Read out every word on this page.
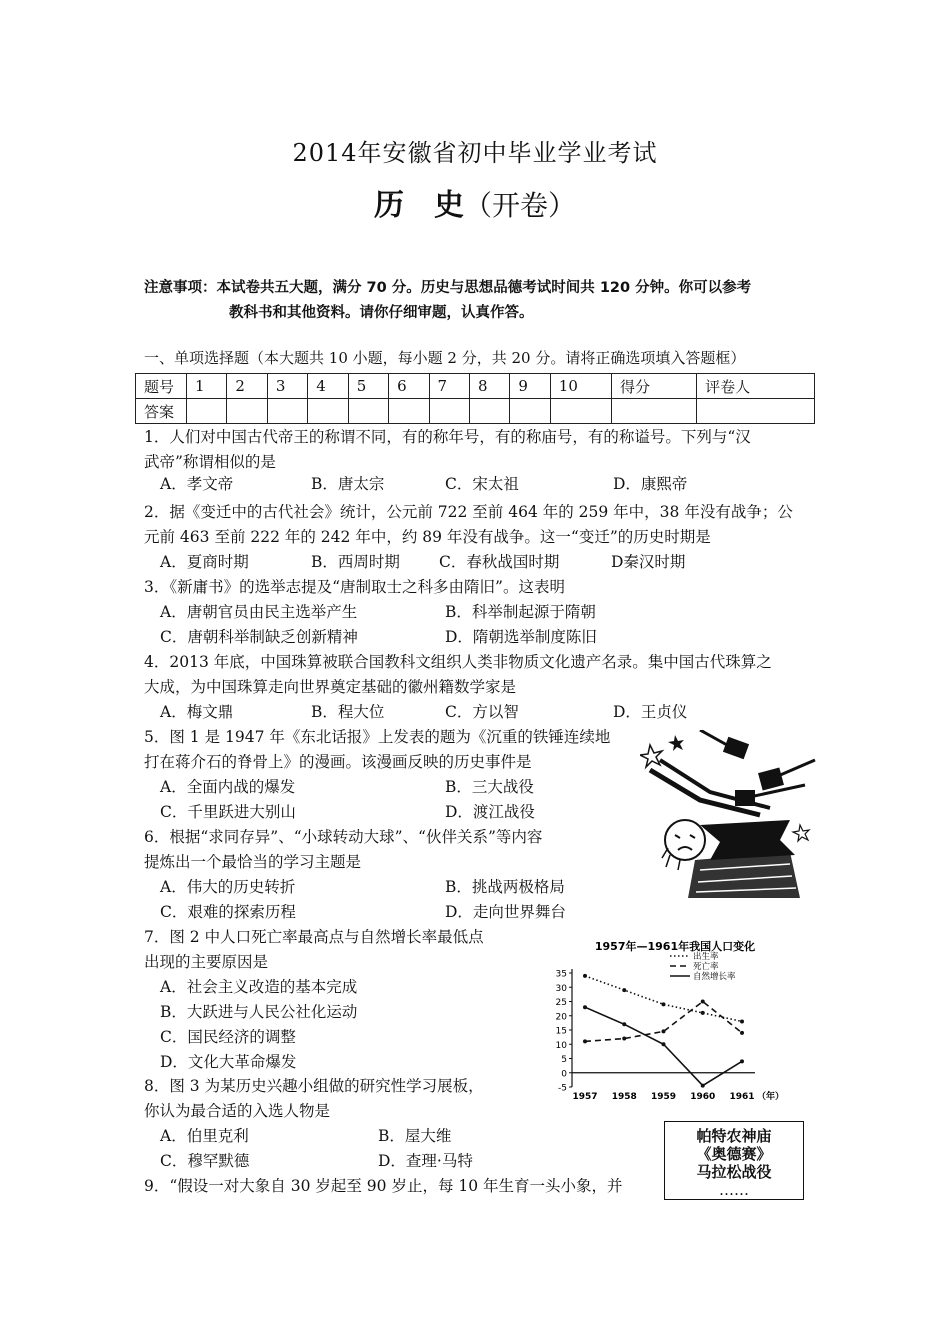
2014年安徽省初中毕业学业考试
历　史（开卷）
注意事项：本试卷共五大题，满分 70 分。历史与思想品德考试时间共 120 分钟。你可以参考
教科书和其他资料。请你仔细审题，认真作答。
一、单项选择题（本大题共 10 小题，每小题 2 分，共 20 分。请将正确选项填入答题框）
题号	1	2	3	4	5	6	7	8	9	10	得分	评卷人
答案												
1．人们对中国古代帝王的称谓不同，有的称年号，有的称庙号，有的称谥号。下列与“汉
武帝”称谓相似的是
A．孝文帝	B．唐太宗	C．宋太祖	D．康熙帝
2．据《变迁中的古代社会》统计，公元前 722 至前 464 年的 259 年中，38 年没有战争；公
元前 463 至前 222 年的 242 年中，约 89 年没有战争。这一“变迁”的历史时期是
A．夏商时期	B．西周时期	C．春秋战国时期	D秦汉时期
3．《新庸书》的选举志提及“唐制取士之科多由隋旧”。这表明
A．唐朝官员由民主选举产生	B．科举制起源于隋朝
C．唐朝科举制缺乏创新精神	D．隋朝选举制度陈旧
4．2013 年底，中国珠算被联合国教科文组织人类非物质文化遗产名录。集中国古代珠算之
大成，为中国珠算走向世界奠定基础的徽州籍数学家是
A．梅文鼎	B．程大位	C．方以智	D．王贞仪
5．图 1 是 1947 年《东北话报》上发表的题为《沉重的铁锤连续地
打在蒋介石的脊骨上》的漫画。该漫画反映的历史事件是
A．全面内战的爆发	B．三大战役
C．千里跃进大别山	D．渡江战役
6．根据“求同存异”、“小球转动大球”、“伙伴关系”等内容
提炼出一个最恰当的学习主题是
A．伟大的历史转折	B．挑战两极格局
C．艰难的探索历程	D．走向世界舞台
7．图 2 中人口死亡率最高点与自然增长率最低点
出现的主要原因是
A．社会主义改造的基本完成
B．大跃进与人民公社化运动
C．国民经济的调整
D．文化大革命爆发
1957年—1961年我国人口变化
出生率
死亡率
自然增长率
-5
0
5
10
15
20
25
30
35
1957 1958 1959 1960 1961 （年）
8．图 3 为某历史兴趣小组做的研究性学习展板，
你认为最合适的入选人物是
A．伯里克利	B．屋大维
C．穆罕默德	D．查理·马特
帕特农神庙
《奥德赛》
马拉松战役
……
9．“假设一对大象自 30 岁起至 90 岁止，每 10 年生育一头小象，并
